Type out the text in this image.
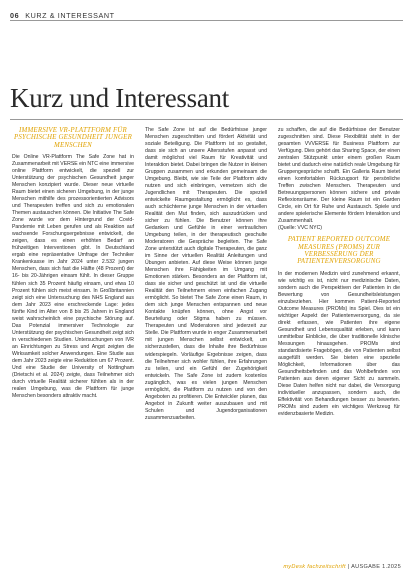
06 KURZ & INTERESSANT
Kurz und Interessant
IMMERSIVE VR-PLATTFORM FÜR PSYCHISCHE GESUNDHEIT JUNGER MENSCHEN

Die Online VR-Plattform The Safe Zone hat in Zusammenarbeit mit VERSE ein NTC eine immersive online Plattform entwickelt, die speziell zur Unterstützung der psychischen Gesundheit junger Menschen konzipiert wurde. Dieser neue virtuelle Raum bietet einen sicheren Umgebung, in der junge Menschen mithilfe des prozessorientierten Advisors und Therapeuten treffen und sich zu emotionalen Themen austauschen können. Die Initiative The Safe Zone wurde vor dem Hintergrund der Covid-Pandemie mit Leben gerufen und als Reaktion auf wachsende Forschungsergebnisse entwickelt, die zeigen, dass es einen erhöhten Bedarf an frühzeitigen Interventionen gibt. In Deutschland ergab eine repräsentative Umfrage der Techniker Krankenkasse im Jahr 2024 unter 2.532 jungen Menschen, dass sich fast die Hälfte (48 Prozent) der 16- bis 20-Jährigen einsam fühlt. In dieser Gruppe fühlen sich 35 Prozent häufig einsam, und etwa 10 Prozent fühlen sich meist einsam. In Großbritannien zeigt sich eine Untersuchung des NHS England aus dem Jahr 2023 eine erschreckende Lage: jedes fünfte Kind im Alter von 8 bis 25 Jahren in England weist wahrscheinlich eine psychische Störung auf. Das Potenzial immersiver Technologie zur Unterstützung der psychischen Gesundheit zeigt sich in verschiedenen Studien. Untersuchungen von IVR an Einrichtungen zu Stress und Angst zeigten die Wirksamkeit solcher Anwendungen. Eine Studie aus dem Jahr 2023 zeigte eine Reduktion um 67 Prozent. Und eine Studie der University of Nottingham (Drietschi et al. 2024) zeigte, dass Teilnehmer sich durch virtuelle Realität sicherer fühlten als in der realen Umgebung, was die Plattform für junge Menschen besonders attraktiv macht.

The Safe Zone ist auf die Bedürfnisse junger Menschen zugeschnitten und fördert Aktivität und soziale Beteiligung. Die Plattform ist so gestaltet, dass sie sich an unsere Altersstufen anpasst und damit möglichst viel Raum für Kreativität und Interaktion bietet. Dabei bringen die Nutzer in kleinen Gruppen zusammen und erkunden gemeinsam die Umgebung. Bleibt, wie sie Teile der Plattform aktiv nutzen und sich einbringen, vernetzen sich die Jugendlichen mit Therapeuten. Die speziell entwickelte Raumgestaltung ermöglicht es, dass auch schüchterne junge Menschen in der virtuellen Realität den Mut finden, sich auszudrücken und sicher zu fühlen. Die Benutzer können ihre Gedanken und Gefühle in einer vertraulichen Umgebung teilen, in der therapeutisch geschulte Moderatoren die Gespräche begleiten. The Safe Zone unterstützt auch digitale Therapeuten, die ganz im Sinne der virtuellen Realität Anleitungen und Übungen anbieten. Auf diese Weise können junge Menschen ihre Fähigkeiten im Umgang mit Emotionen stärken. Besonders an der Plattform ist, dass sie sicher und geschützt ist und die virtuelle Realität den Teilnehmern einen einfachen Zugang ermöglicht. So bietet The Safe Zone einen Raum, in dem sich junge Menschen entspannen und neue Kontakte knüpfen können, ohne Angst vor Beurteilung oder Stigma haben zu müssen. Therapeuten und Moderatoren sind jederzeit zur Stelle. Die Plattform wurde in enger Zusammenarbeit mit jungen Menschen selbst entwickelt, um sicherzustellen, dass die Inhalte ihre Bedürfnisse widerspiegeln. Vorläufige Ergebnisse zeigen, dass die Teilnehmer sich wohler fühlen, ihre Erfahrungen zu teilen, und ein Gefühl der Zugehörigkeit entwickeln. The Safe Zone ist zudem kostenlos zugänglich, was es vielen jungen Menschen ermöglicht, die Plattform zu nutzen und von den Angeboten zu profitieren. Die Entwickler planen, das Angebot in Zukunft weiter auszubauen und mit Schulen und Jugendorganisationen zusammenzuarbeiten.

zu schaffen, die auf die Bedürfnisse der Benutzer zugeschnitten sind. Diese Flexibilität steht in der gesamten VVVERSE für Business Plattform zur Verfügung. Dies gehört das Sharing Space, der einen zentralen Stützpunkt unter einem großen Raum bietet und dadurch eine natürlich reale Umgebung für Gruppengespräche schafft. Ein Galleria Raum bietet einen komfortablen Rückzugsort für persönliche Treffen zwischen Menschen. Therapeuten und Betreuungspersonen können sichere und private Reflexionsräume. Der kleine Raum ist ein Garden Circle, ein Ort für Ruhe und Austausch. Spiele und andere spielerische Elemente fördern Interaktion und Zusammenhalt.

(Quelle: VVC NYC)

PATIENT REPORTED OUTCOME MEASURES (PROMS) ZUR VERBESSERUNG DER PATIENTENVERSORGUNG

In der modernen Medizin wird zunehmend erkannt, wie wichtig es ist, nicht nur medizinische Daten, sondern auch die Perspektiven der Patienten in die Bewertung von Gesundheitsleistungen einzubeziehen. Hier kommen Patient-Reported Outcome Measures (PROMs) ins Spiel. Dies ist ein wichtiger Aspekt der Patientenversorgung, da sie direkt erfassen, wie Patienten ihre eigene Gesundheit und Lebensqualität erleben, und kann unmittelbar Einblicke, die über traditionelle klinische Messungen hinausgehen. PROMs sind standardisierte Fragebögen, die von Patienten selbst ausgefüllt werden. Sie bieten eine spezielle Möglichkeit, Informationen über das Gesundheitsbefinden und das Wohlbefinden von Patienten aus deren eigener Sicht zu sammeln. Diese Daten helfen nicht nur dabei, die Versorgung individueller anzupassen, sondern auch, die Effektivität von Behandlungen besser zu bewerten. PROMs sind zudem ein wichtiges Werkzeug für evidenzbasierte Medizin.

myDesk fachzeitschrift | AUSGABE 1.2025
